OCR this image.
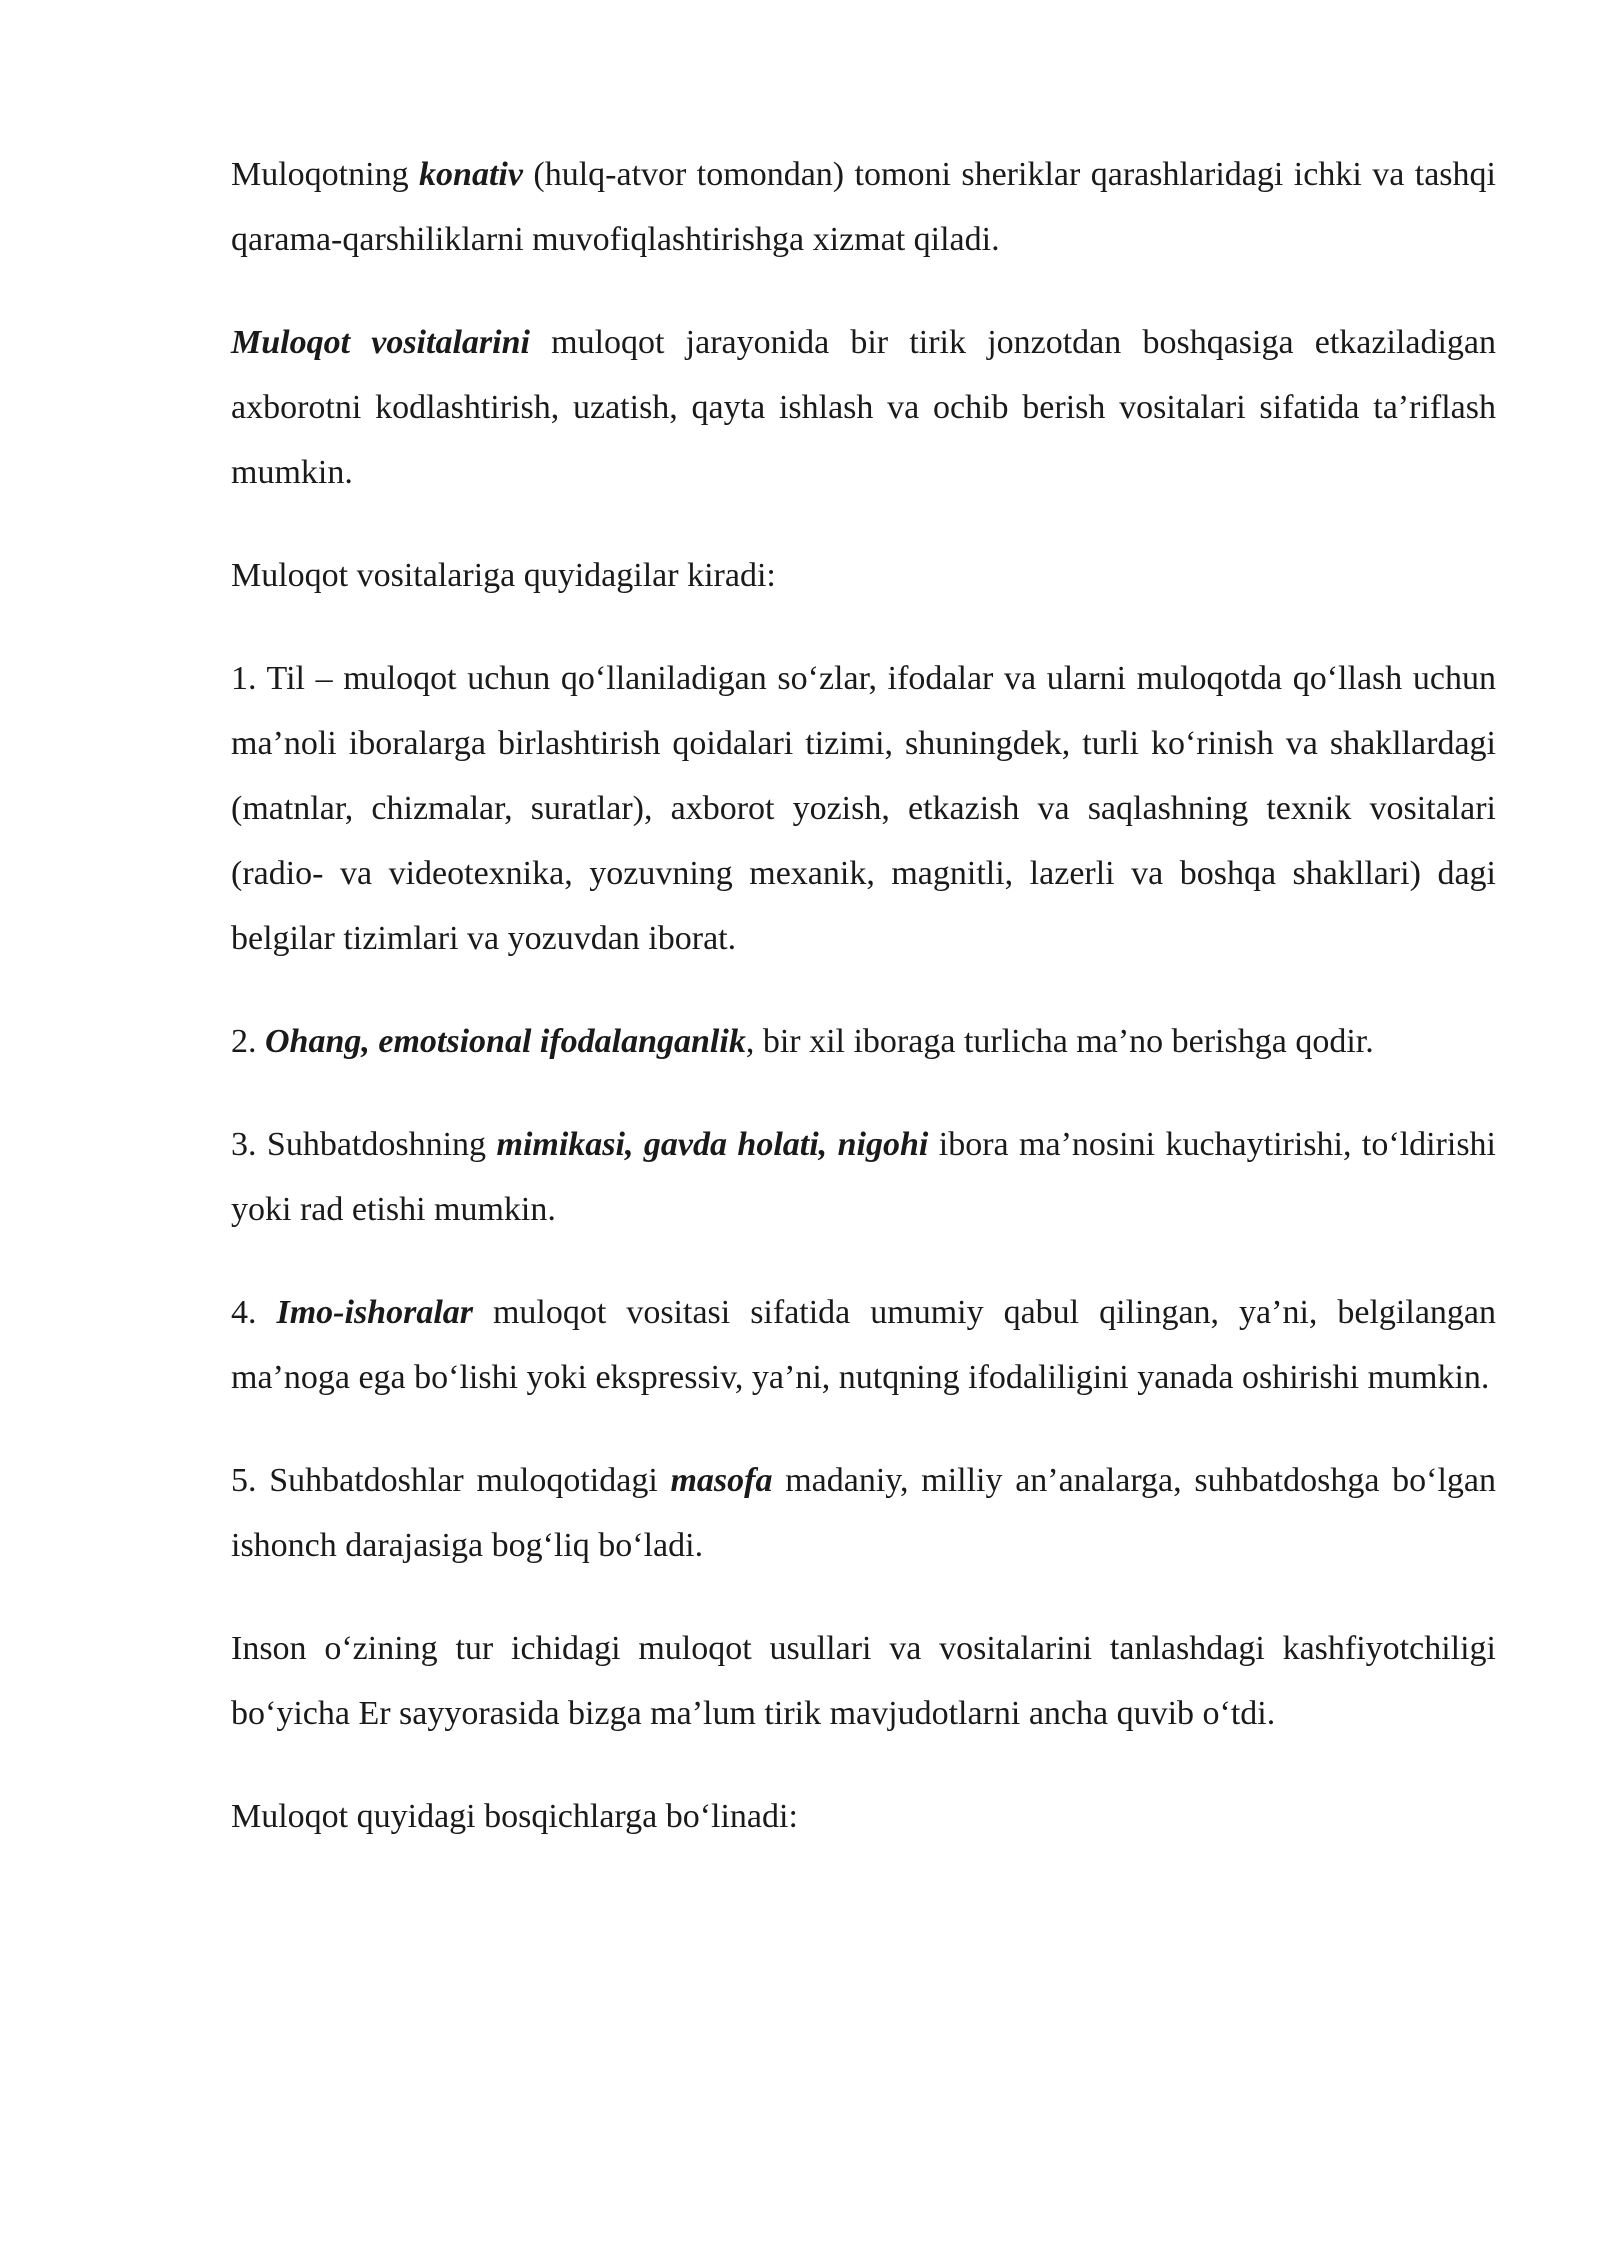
Muloqotning konativ (hulq-atvor tomondan) tomoni sheriklar qarashlaridagi ichki va tashqi qarama-qarshiliklarni muvofiqlashtirishga xizmat qiladi.

Muloqot vositalarini muloqot jarayonida bir tirik jonzotdan boshqasiga etkaziladigan axborotni kodlashtirish, uzatish, qayta ishlash va ochib berish vositalari sifatida ta’riflash mumkin.

Muloqot vositalariga quyidagilar kiradi:

1. Til – muloqot uchun qo‘llaniladigan so‘zlar, ifodalar va ularni muloqotda qo‘llash uchun ma’noli iboralarga birlashtirish qoidalari tizimi, shuningdek, turli ko‘rinish va shakllardagi (matnlar, chizmalar, suratlar), axborot yozish, etkazish va saqlashning texnik vositalari (radio- va videotexnika, yozuvning mexanik, magnitli, lazerli va boshqa shakllari) dagi belgilar tizimlari va yozuvdan iborat.

2. Ohang, emotsional ifodalanganlik, bir xil iboraga turlicha ma’no berishga qodir.

3. Suhbatdoshning mimikasi, gavda holati, nigohi ibora ma’nosini kuchaytirishi, to‘ldirishi yoki rad etishi mumkin.

4. Imo-ishoralar muloqot vositasi sifatida umumiy qabul qilingan, ya’ni, belgilangan ma’noga ega bo‘lishi yoki ekspressiv, ya’ni, nutqning ifodaliligini yanada oshirishi mumkin.

5. Suhbatdoshlar muloqotidagi masofa madaniy, milliy an’analarga, suhbatdoshga bo‘lgan ishonch darajasiga bog‘liq bo‘ladi.

Inson o‘zining tur ichidagi muloqot usullari va vositalarini tanlashdagi kashfiyotchiligi bo‘yicha Er sayyorasida bizga ma’lum tirik mavjudotlarni ancha quvib o‘tdi.

Muloqot quyidagi bosqichlarga bo‘linadi:
